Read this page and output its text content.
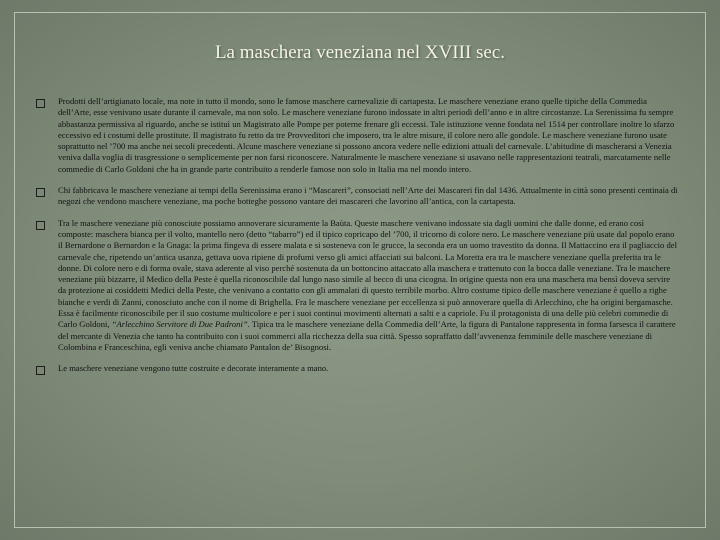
La maschera veneziana nel XVIII sec.
Prodotti dell’artigianato locale, ma note in tutto il mondo, sono le famose maschere carnevalizie di cartapesta. Le maschere veneziane erano quelle tipiche della Commedia dell’Arte, esse venivano usate durante il carnevale, ma non solo. Le maschere veneziane furono indossate in altri periodi dell’anno e in altre circostanze. La Serenissima fu sempre abbastanza permissiva al riguardo, anche se istituì un Magistrato alle Pompe per poterne frenare gli eccessi. Tale istituzione venne fondata nel 1514 per controllare inoltre lo sfarzo eccessivo ed i costumi delle prostitute. Il magistrato fu retto da tre Provveditori che imposero, tra le altre misure, il colore nero alle gondole. Le maschere veneziane furono usate soprattutto nel ’700 ma anche nei secoli precedenti. Alcune maschere veneziane si possono ancora vedere nelle edizioni attuali del carnevale. L’abitudine di mascherarsi a Venezia veniva dalla voglia di trasgressione o semplicemente per non farsi riconoscere. Naturalmente le maschere veneziane si usavano nelle rappresentazioni teatrali, marcatamente nelle commedie di Carlo Goldoni che ha in grande parte contribuito a renderle famose non solo in Italia ma nel mondo intero.
Chi fabbricava le maschere veneziane ai tempi della Serenissima erano i “Mascareri”, consociati nell’Arte dei Mascareri fin dal 1436. Attualmente in città sono presenti centinaia di negozi che vendono maschere veneziane, ma poche botteghe possono vantare dei mascareri che lavorino all’antica, con la cartapesta.
Tra le maschere veneziane più conosciute possiamo annoverare sicuramente la Baùta. Queste maschere venivano indossate sia dagli uomini che dalle donne, ed erano così composte: maschera bianca per il volto, mantello nero (detto “tabarro”) ed il tipico copricapo del ’700, il tricorno di colore nero. Le maschere veneziane più usate dal popolo erano il Bernardone o Bernardon e la Gnaga: la prima fingeva di essere malata e si sosteneva con le grucce, la seconda era un uomo travestito da donna. Il Mattaccino era il pagliaccio del carnevale che, ripetendo un’antica usanza, gettava uova ripiene di profumi verso gli amici affacciati sui balconi. La Moretta era tra le maschere veneziane quella preferita tra le donne. Di colore nero e di forma ovale, stava aderente al viso perché sostenuta da un bottoncino attaccato alla maschera e trattenuto con la bocca dalle veneziane. Tra le maschere veneziane più bizzarre, il Medico della Peste è quella riconoscibile dal lungo naso simile al becco di una cicogna. In origine questa non era una maschera ma bensì doveva servire da protezione ai cosiddetti Medici della Peste, che venivano a contatto con gli ammalati di questo terribile morbo. Altro costume tipico delle maschere veneziane è quello a righe bianche e verdi di Zanni, conosciuto anche con il nome di Brighella. Fra le maschere veneziane per eccellenza si può annoverare quella di Arlecchino, che ha origini bergamasche. Essa è facilmente riconoscibile per il suo costume multicolore e per i suoi continui movimenti alternati a salti e a capriole. Fu il protagonista di una delle più celebri commedie di Carlo Goldoni, “Arlecchino Servitore di Due Padroni”. Tipica tra le maschere veneziane della Commedia dell’Arte, la figura di Pantalone rappresenta in forma farsesca il carattere del mercante di Venezia che tanto ha contribuito con i suoi commerci alla ricchezza della sua città. Spesso sopraffatto dall’avvenenza femminile delle maschere veneziane di Colombina e Franceschina, egli veniva anche chiamato Pantalon de’ Bisognosi.
Le maschere veneziane vengono tutte costruite e decorate interamente a mano.
